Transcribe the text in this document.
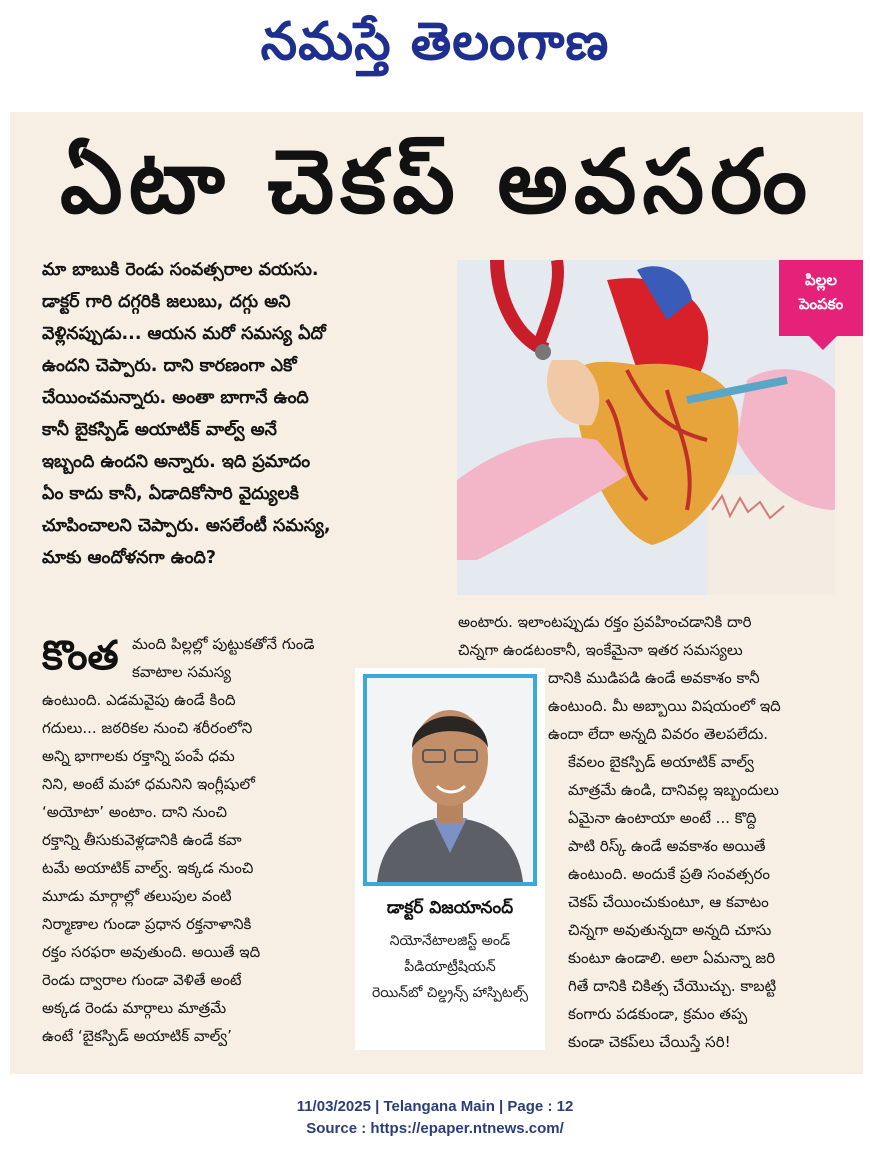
నమస్తే తెలంగాణ
ఏటా చెకప్ అవసరం
మా బాబుకి రెండు సంవత్సరాల వయసు.
డాక్టర్ గారి దగ్గరికి జలుబు, దగ్గు అని
వెళ్లినప్పుడు... ఆయన మరో సమస్య ఏదో
ఉందని చెప్పారు. దాని కారణంగా ఎకో
చేయించమన్నారు. అంతా బాగానే ఉంది
కానీ బైకస్పిడ్ అయాటిక్ వాల్వ్ అనే
ఇబ్బంది ఉందని అన్నారు. ఇది ప్రమాదం
ఏం కాదు కానీ, ఏడాదికోసారి వైద్యులకి
చూపించాలని చెప్పారు. అసలేంటీ సమస్య,
మాకు ఆందోళనగా ఉంది?
పిల్లల
పెంపకం
కొంత మంది పిల్లల్లో పుట్టుకతోనే గుండె
కవాటాల సమస్య
ఉంటుంది. ఎడమవైపు ఉండే కింది
గదులు... జఠరికల నుంచి శరీరంలోని
అన్ని భాగాలకు రక్తాన్ని పంపే ధమ
నిని, అంటే మహా ధమనిని ఇంగ్లీషులో
‘అయోటా’ అంటాం. దాని నుంచి
రక్తాన్ని తీసుకువెళ్లడానికి ఉండే కవా
టమే అయాటిక్ వాల్వ్. ఇక్కడ నుంచి
మూడు మార్గాల్లో తలుపుల వంటి
నిర్మాణాల గుండా ప్రధాన రక్తనాళానికి
రక్తం సరఫరా అవుతుంది. అయితే ఇది
రెండు ద్వారాల గుండా వెళితే అంటే
అక్కడ రెండు మార్గాలు మాత్రమే
ఉంటే ‘బైకస్పిడ్ అయాటిక్ వాల్వ్’
అంటారు. ఇలాంటప్పుడు రక్తం ప్రవహించడానికి దారి
చిన్నగా ఉండటంకానీ, ఇంకేమైనా ఇతర సమస్యలు
దానికి ముడిపడి ఉండే అవకాశం కానీ
ఉంటుంది. మీ అబ్బాయి విషయంలో ఇది
ఉందా లేదా అన్నది వివరం తెలపలేదు.
కేవలం బైకస్పిడ్ అయాటిక్ వాల్వ్
మాత్రమే ఉండి, దానివల్ల ఇబ్బందులు
ఏమైనా ఉంటాయా అంటే ... కొద్ది
పాటి రిస్క్ ఉండే అవకాశం అయితే
ఉంటుంది. అందుకే ప్రతి సంవత్సరం
చెకప్ చేయించుకుంటూ, ఆ కవాటం
చిన్నగా అవుతున్నదా అన్నది చూసు
కుంటూ ఉండాలి. అలా ఏమన్నా జరి
గితే దానికి చికిత్స చేయొచ్చు. కాబట్టి
కంగారు పడకుండా, క్రమం తప్ప
కుండా చెకప్‌లు చేయిస్తే సరి!
డాక్టర్ విజయానంద్
నియోనేటాలజిస్ట్ అండ్
పీడియాట్రీషియన్
రెయిన్‌బో చిల్డ్రన్స్ హాస్పిటల్స్
11/03/2025 | Telangana Main | Page : 12
Source : https://epaper.ntnews.com/
